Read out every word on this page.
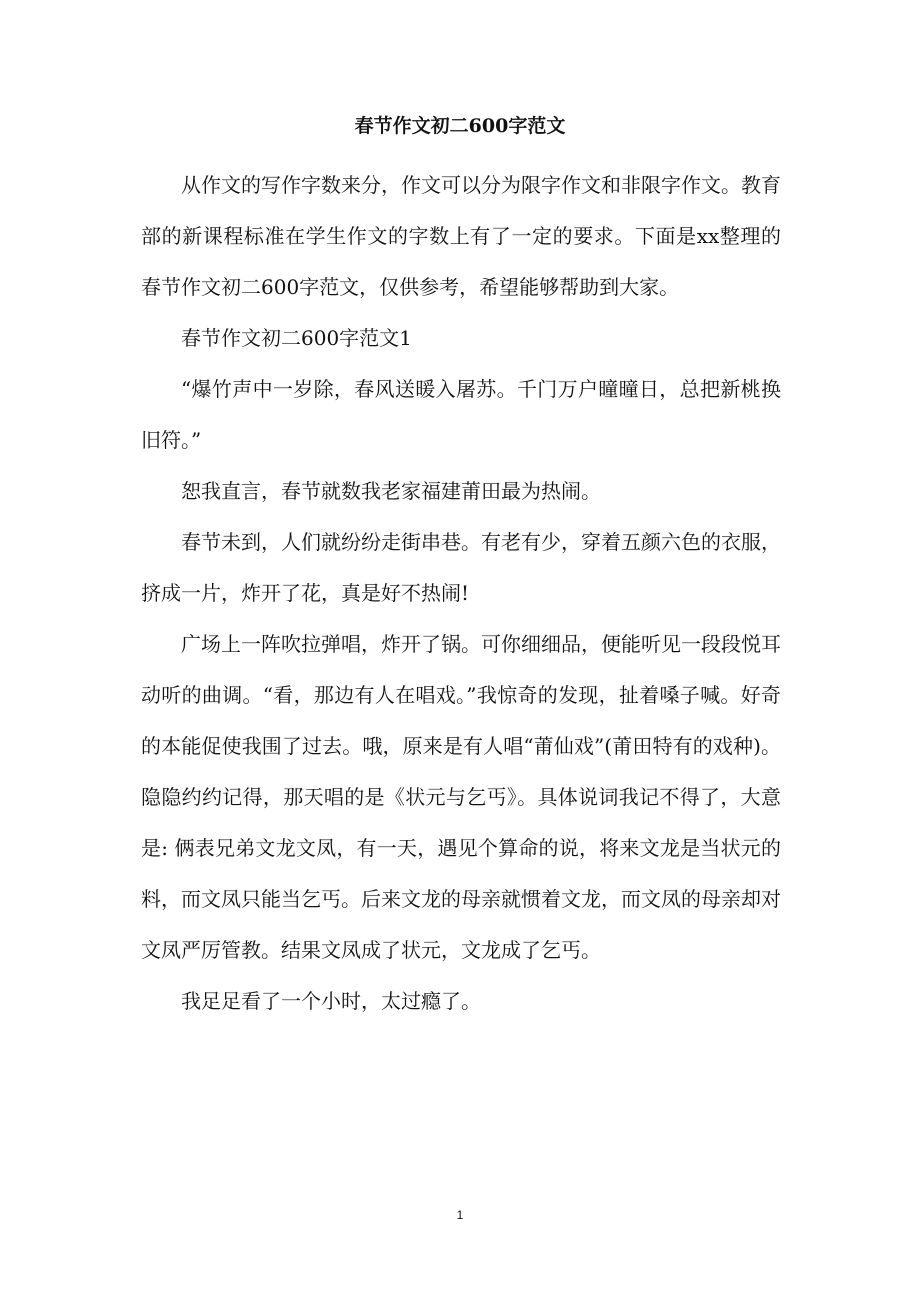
春节作文初二600字范文

从作文的写作字数来分，作文可以分为限字作文和非限字作文。教育部的新课程标准在学生作文的字数上有了一定的要求。下面是xx整理的春节作文初二600字范文，仅供参考，希望能够帮助到大家。

春节作文初二600字范文1

“爆竹声中一岁除，春风送暖入屠苏。千门万户曈曈日，总把新桃换旧符。”

恕我直言，春节就数我老家福建莆田最为热闹。

春节未到，人们就纷纷走街串巷。有老有少，穿着五颜六色的衣服，挤成一片，炸开了花，真是好不热闹!

广场上一阵吹拉弹唱，炸开了锅。可你细细品，便能听见一段段悦耳动听的曲调。“看，那边有人在唱戏。”我惊奇的发现，扯着嗓子喊。好奇的本能促使我围了过去。哦，原来是有人唱“莆仙戏”(莆田特有的戏种)。隐隐约约记得，那天唱的是《状元与乞丐》。具体说词我记不得了，大意是: 俩表兄弟文龙文凤，有一天，遇见个算命的说，将来文龙是当状元的料，而文凤只能当乞丐。后来文龙的母亲就惯着文龙，而文凤的母亲却对文凤严厉管教。结果文凤成了状元，文龙成了乞丐。

我足足看了一个小时，太过瘾了。

1
